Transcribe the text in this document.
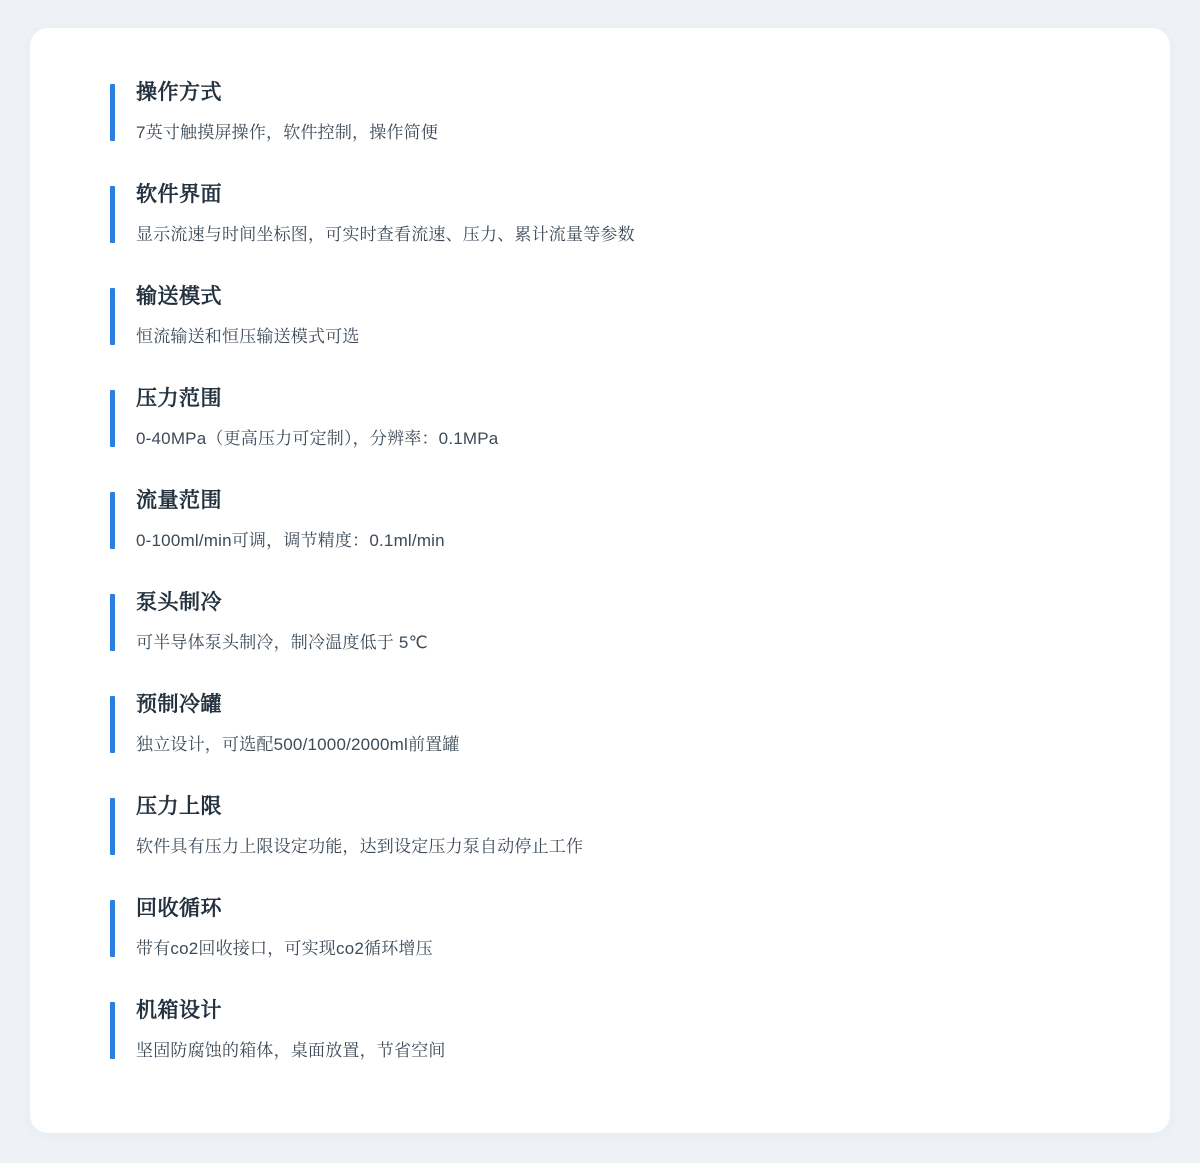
操作方式
7英寸触摸屏操作，软件控制，操作简便
软件界面
显示流速与时间坐标图，可实时查看流速、压力、累计流量等参数
输送模式
恒流输送和恒压输送模式可选
压力范围
0-40MPa（更高压力可定制），分辨率：0.1MPa
流量范围
0-100ml/min可调，调节精度：0.1ml/min
泵头制冷
可半导体泵头制冷，制冷温度低于 5℃
预制冷罐
独立设计，可选配500/1000/2000ml前置罐
压力上限
软件具有压力上限设定功能，达到设定压力泵自动停止工作
回收循环
带有co2回收接口，可实现co2循环增压
机箱设计
坚固防腐蚀的箱体，桌面放置，节省空间
